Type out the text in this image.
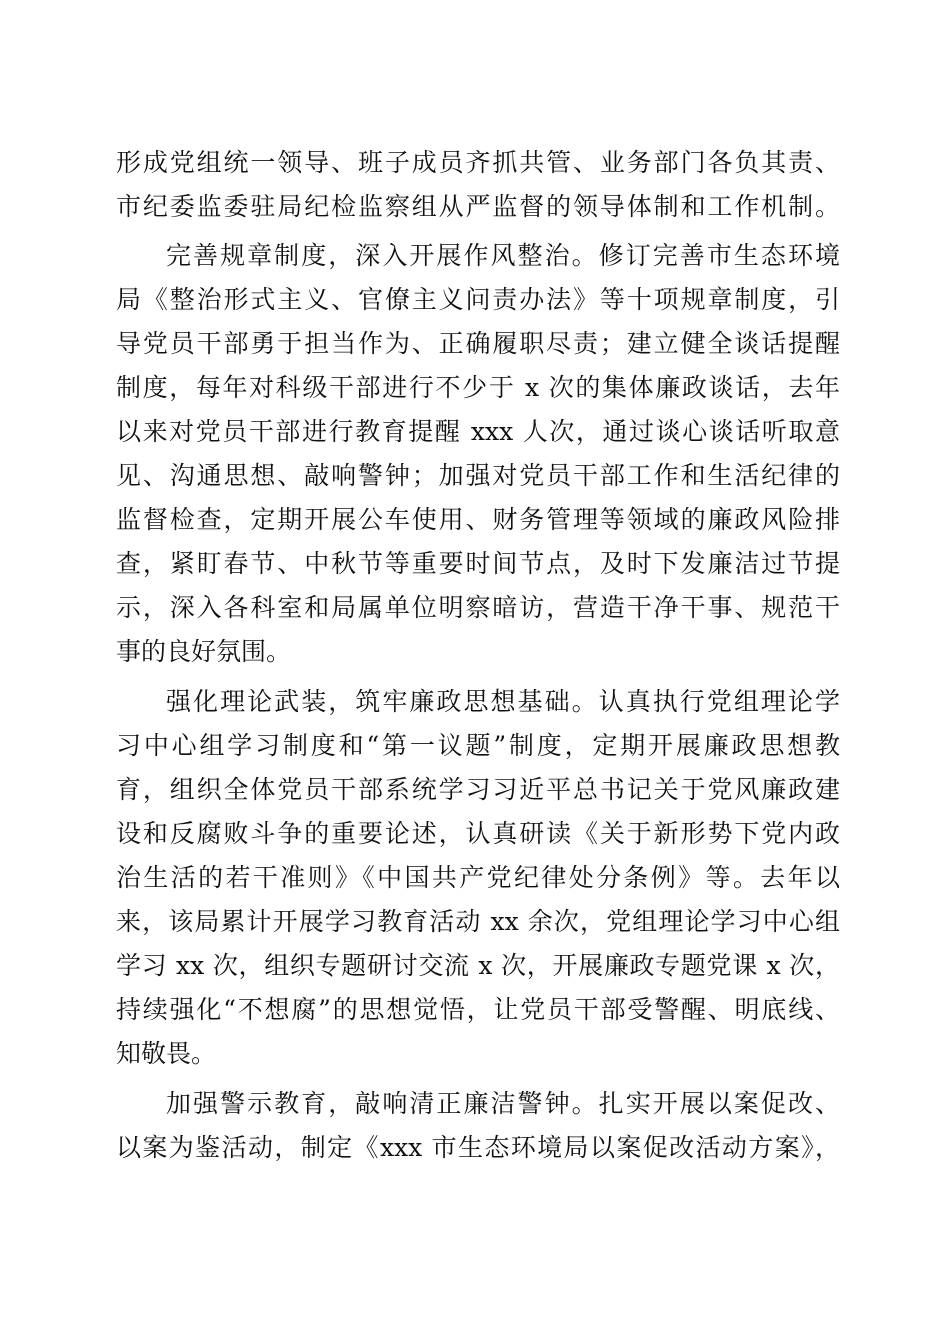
形成党组统一领导、班子成员齐抓共管、业务部门各负其责、
市纪委监委驻局纪检监察组从严监督的领导体制和工作机制。
完善规章制度，深入开展作风整治。修订完善市生态环境
局《整治形式主义、官僚主义问责办法》等十项规章制度，引
导党员干部勇于担当作为、正确履职尽责；建立健全谈话提醒
制度，每年对科级干部进行不少于 x 次的集体廉政谈话，去年
以来对党员干部进行教育提醒 xxx 人次，通过谈心谈话听取意
见、沟通思想、敲响警钟；加强对党员干部工作和生活纪律的
监督检查，定期开展公车使用、财务管理等领域的廉政风险排
查，紧盯春节、中秋节等重要时间节点，及时下发廉洁过节提
示，深入各科室和局属单位明察暗访，营造干净干事、规范干
事的良好氛围。
强化理论武装，筑牢廉政思想基础。认真执行党组理论学
习中心组学习制度和“第一议题”制度，定期开展廉政思想教
育，组织全体党员干部系统学习习近平总书记关于党风廉政建
设和反腐败斗争的重要论述，认真研读《关于新形势下党内政
治生活的若干准则》《中国共产党纪律处分条例》等。去年以
来，该局累计开展学习教育活动 xx 余次，党组理论学习中心组
学习 xx 次，组织专题研讨交流 x 次，开展廉政专题党课 x 次，
持续强化“不想腐”的思想觉悟，让党员干部受警醒、明底线、
知敬畏。
加强警示教育，敲响清正廉洁警钟。扎实开展以案促改、
以案为鉴活动，制定《xxx 市生态环境局以案促改活动方案》，
